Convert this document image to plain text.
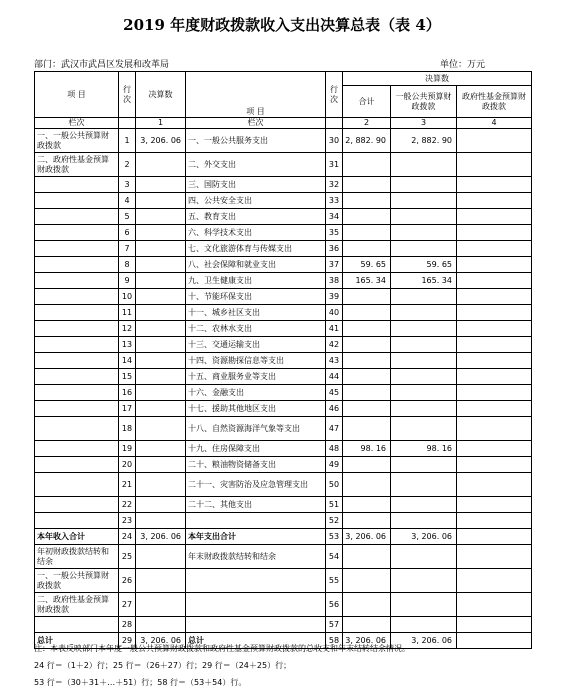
2019 年度财政拨款收入支出决算总表（表 4）
部门：武汉市武昌区发展和改革局	单位：万元
项 目	行次	决算数	项 目	行次	决算数		
					合计	一般公共预算财政拨款	政府性基金预算财政拨款
栏次		1	栏次		2	3	4
一、一般公共预算财政拨款	1	3, 206. 06	一、一般公共服务支出	30	2, 882. 90	2, 882. 90	
二、政府性基金预算财政拨款	2		二、外交支出	31			
	3		三、国防支出	32			
	4		四、公共安全支出	33			
	5		五、教育支出	34			
	6		六、科学技术支出	35			
	7		七、文化旅游体育与传媒支出	36			
	8		八、社会保障和就业支出	37	59. 65	59. 65	
	9		九、卫生健康支出	38	165. 34	165. 34	
	10		十、节能环保支出	39			
	11		十一、城乡社区支出	40			
	12		十二、农林水支出	41			
	13		十三、交通运输支出	42			
	14		十四、资源勘探信息等支出	43			
	15		十五、商业服务业等支出	44			
	16		十六、金融支出	45			
	17		十七、援助其他地区支出	46			
	18		十八、自然资源海洋气象等支出	47			
	19		十九、住房保障支出	48	98. 16	98. 16	
	20		二十、粮油物资储备支出	49			
	21		二十一、灾害防治及应急管理支出	50			
	22		二十二、其他支出	51			
	23			52			
本年收入合计	24	3, 206. 06	本年支出合计	53	3, 206. 06	3, 206. 06	
年初财政拨款结转和结余	25		年末财政拨款结转和结余	54			
一、一般公共预算财政拨款	26			55			
二、政府性基金预算财政拨款	27			56			
	28			57			
总计	29	3, 206. 06	总计	58	3, 206. 06	3, 206. 06	
注：本表反映部门本年度一般公共预算财政拨款和政府性基金预算财政拨款的总收支和年末结转结余情况。
24 行＝（1＋2）行；25 行＝（26＋27）行；29 行＝（24＋25）行；
53 行＝（30＋31＋…＋51）行；58 行＝（53＋54）行。
